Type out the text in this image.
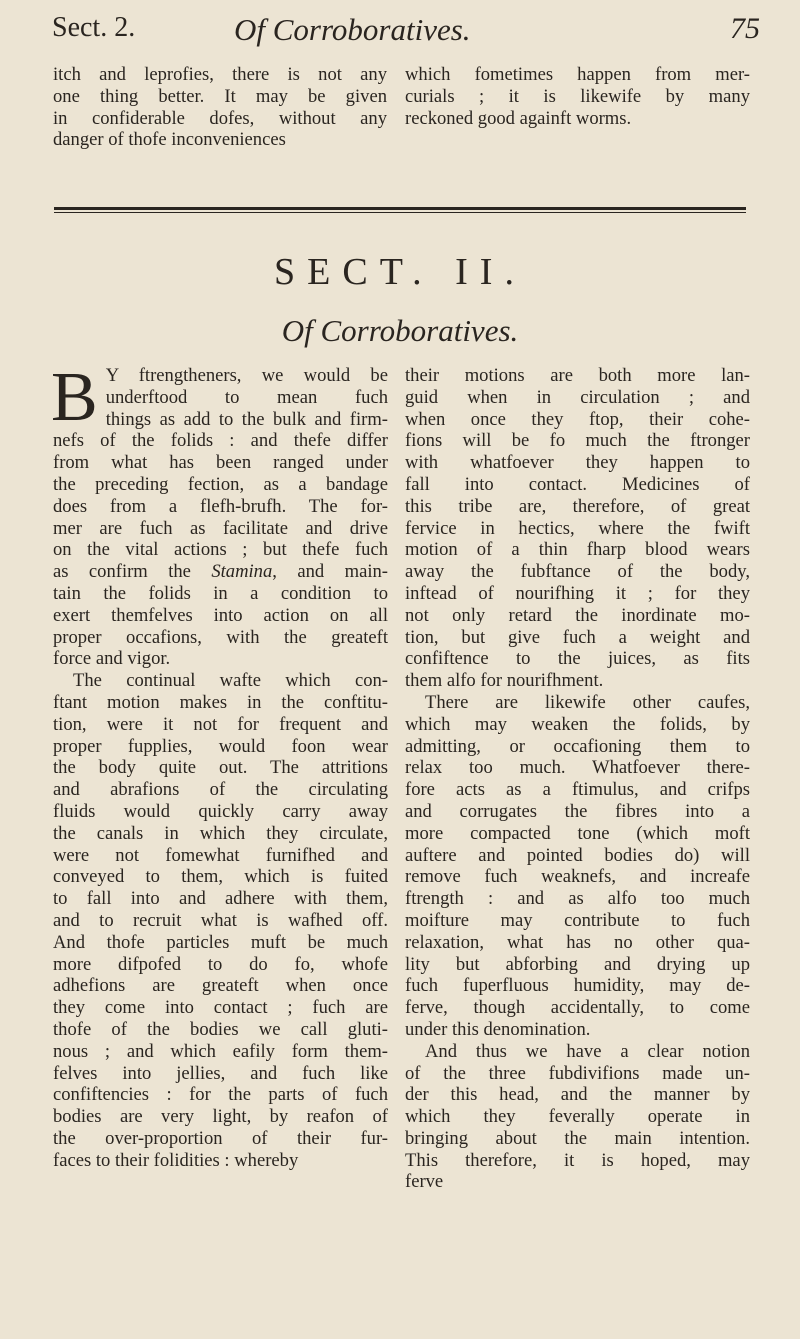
Sect. 2.	Of Corroboratives.	75
itch and leprofies, there is not any
one thing better. It may be given
in confiderable dofes, without any
danger of thofe inconveniences
which fometimes happen from mer-
curials ; it is likewife by many
reckoned good againft worms.
SECT. II.
Of Corroboratives.

B Y ftrengtheners, we would be
underftood to mean fuch
things as add to the bulk and firm-
nefs of the folids : and thefe differ
from what has been ranged under
the preceding fection, as a bandage
does from a flefh-brufh. The for-
mer are fuch as facilitate and drive
on the vital actions ; but thefe fuch
as confirm the Stamina, and main-
tain the folids in a condition to
exert themfelves into action on all
proper occafions, with the greateft
force and vigor.

The continual wafte which con-
ftant motion makes in the conftitu-
tion, were it not for frequent and
proper fupplies, would foon wear
the body quite out. The attritions
and abrafions of the circulating
fluids would quickly carry away
the canals in which they circulate,
were not fomewhat furnifhed and
conveyed to them, which is fuited
to fall into and adhere with them,
and to recruit what is wafhed off.
And thofe particles muft be much
more difpofed to do fo, whofe
adhefions are greateft when once
they come into contact ; fuch are
thofe of the bodies we call gluti-
nous ; and which eafily form them-
felves into jellies, and fuch like
confiftencies : for the parts of fuch
bodies are very light, by reafon of
the over-proportion of their fur-
faces to their folidities : whereby

their motions are both more lan-
guid when in circulation ; and
when once they ftop, their cohe-
fions will be fo much the ftronger
with whatfoever they happen to
fall into contact. Medicines of
this tribe are, therefore, of great
fervice in hectics, where the fwift
motion of a thin fharp blood wears
away the fubftance of the body,
inftead of nourifhing it ; for they
not only retard the inordinate mo-
tion, but give fuch a weight and
confiftence to the juices, as fits
them alfo for nourifhment.

There are likewife other caufes,
which may weaken the folids, by
admitting, or occafioning them to
relax too much. Whatfoever there-
fore acts as a ftimulus, and crifps
and corrugates the fibres into a
more compacted tone (which moft
auftere and pointed bodies do) will
remove fuch weaknefs, and increafe
ftrength : and as alfo too much
moifture may contribute to fuch
relaxation, what has no other qua-
lity but abforbing and drying up
fuch fuperfluous humidity, may de-
ferve, though accidentally, to come
under this denomination.

And thus we have a clear notion
of the three fubdivifions made un-
der this head, and the manner by
which they feverally operate in
bringing about the main intention.
This therefore, it is hoped, may
ferve
